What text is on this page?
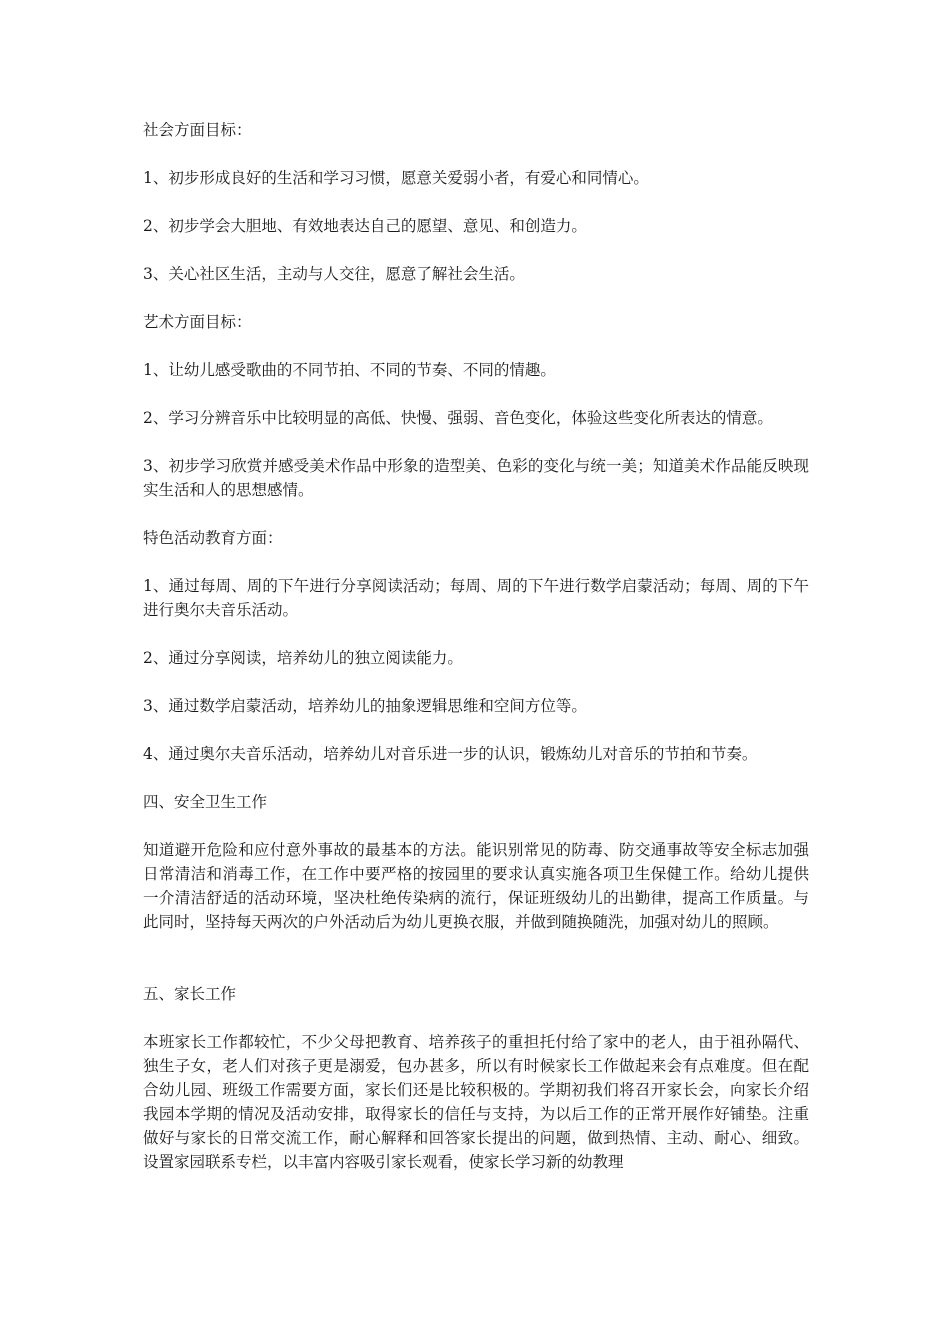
社会方面目标：

1、初步形成良好的生活和学习习惯，愿意关爱弱小者，有爱心和同情心。

2、初步学会大胆地、有效地表达自己的愿望、意见、和创造力。

3、关心社区生活，主动与人交往，愿意了解社会生活。

艺术方面目标：

1、让幼儿感受歌曲的不同节拍、不同的节奏、不同的情趣。

2、学习分辨音乐中比较明显的高低、快慢、强弱、音色变化，体验这些变化所表达的情意。

3、初步学习欣赏并感受美术作品中形象的造型美、色彩的变化与统一美；知道美术作品能反映现实生活和人的思想感情。

特色活动教育方面：

1、通过每周、周的下午进行分享阅读活动；每周、周的下午进行数学启蒙活动；每周、周的下午进行奥尔夫音乐活动。

2、通过分享阅读，培养幼儿的独立阅读能力。

3、通过数学启蒙活动，培养幼儿的抽象逻辑思维和空间方位等。

4、通过奥尔夫音乐活动，培养幼儿对音乐进一步的认识，锻炼幼儿对音乐的节拍和节奏。

四、安全卫生工作

知道避开危险和应付意外事故的最基本的方法。能识别常见的防毒、防交通事故等安全标志加强日常清洁和消毒工作，在工作中要严格的按园里的要求认真实施各项卫生保健工作。给幼儿提供一介清洁舒适的活动环境，坚决杜绝传染病的流行，保证班级幼儿的出勤律，提高工作质量。与此同时，坚持每天两次的户外活动后为幼儿更换衣服，并做到随换随洗，加强对幼儿的照顾。

五、家长工作

本班家长工作都较忙，不少父母把教育、培养孩子的重担托付给了家中的老人，由于祖孙隔代、独生子女，老人们对孩子更是溺爱，包办甚多，所以有时候家长工作做起来会有点难度。但在配合幼儿园、班级工作需要方面，家长们还是比较积极的。学期初我们将召开家长会，向家长介绍我园本学期的情况及活动安排，取得家长的信任与支持，为以后工作的正常开展作好铺垫。注重做好与家长的日常交流工作，耐心解释和回答家长提出的问题，做到热情、主动、耐心、细致。设置家园联系专栏，以丰富内容吸引家长观看，使家长学习新的幼教理
